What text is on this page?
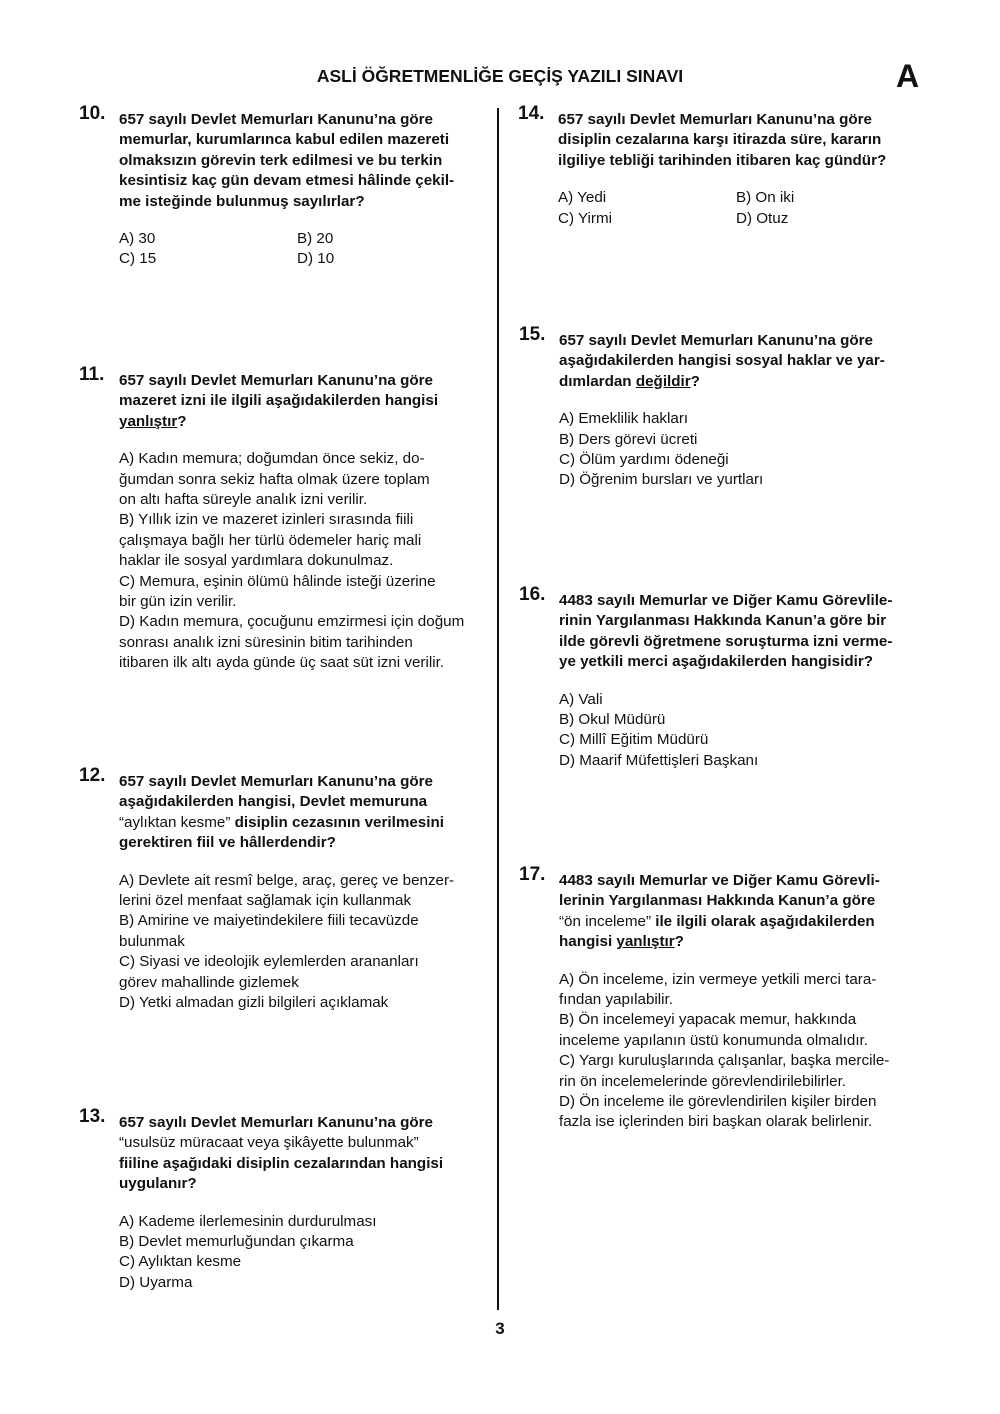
ASLİ ÖĞRETMENLİĞE GEÇİŞ YAZILI SINAVI	A
10. 657 sayılı Devlet Memurları Kanunu’na göre
memurlar, kurumlarınca kabul edilen mazereti
olmaksızın görevin terk edilmesi ve bu terkin
kesintisiz kaç gün devam etmesi hâlinde çekil-
me isteğinde bulunmuş sayılırlar?
A) 30	B) 20
C) 15	D) 10
11. 657 sayılı Devlet Memurları Kanunu’na göre
mazeret izni ile ilgili aşağıdakilerden hangisi
yanlıştır?
A) Kadın memura; doğumdan önce sekiz, do-
ğumdan sonra sekiz hafta olmak üzere toplam
on altı hafta süreyle analık izni verilir.
B) Yıllık izin ve mazeret izinleri sırasında fiili
çalışmaya bağlı her türlü ödemeler hariç mali
haklar ile sosyal yardımlara dokunulmaz.
C) Memura, eşinin ölümü hâlinde isteği üzerine
bir gün izin verilir.
D) Kadın memura, çocuğunu emzirmesi için doğum
sonrası analık izni süresinin bitim tarihinden
itibaren ilk altı ayda günde üç saat süt izni verilir.
12. 657 sayılı Devlet Memurları Kanunu’na göre
aşağıdakilerden hangisi, Devlet memuruna
“aylıktan kesme” disiplin cezasının verilmesini
gerektiren fiil ve hâllerdendir?
A) Devlete ait resmî belge, araç, gereç ve benzer-
lerini özel menfaat sağlamak için kullanmak
B) Amirine ve maiyetindekilere fiili tecavüzde
bulunmak
C) Siyasi ve ideolojik eylemlerden arananları
görev mahallinde gizlemek
D) Yetki almadan gizli bilgileri açıklamak
13. 657 sayılı Devlet Memurları Kanunu’na göre
“usulsüz müracaat veya şikâyette bulunmak”
fiiline aşağıdaki disiplin cezalarından hangisi
uygulanır?
A) Kademe ilerlemesinin durdurulması
B) Devlet memurluğundan çıkarma
C) Aylıktan kesme
D) Uyarma
14. 657 sayılı Devlet Memurları Kanunu’na göre
disiplin cezalarına karşı itirazda süre, kararın
ilgiliye tebliği tarihinden itibaren kaç gündür?
A) Yedi	B) On iki
C) Yirmi	D) Otuz
15. 657 sayılı Devlet Memurları Kanunu’na göre
aşağıdakilerden hangisi sosyal haklar ve yar-
dımlardan değildir?
A) Emeklilik hakları
B) Ders görevi ücreti
C) Ölüm yardımı ödeneği
D) Öğrenim bursları ve yurtları
16. 4483 sayılı Memurlar ve Diğer Kamu Görevlile-
rinin Yargılanması Hakkında Kanun’a göre bir
ilde görevli öğretmene soruşturma izni verme-
ye yetkili merci aşağıdakilerden hangisidir?
A) Vali
B) Okul Müdürü
C) Millî Eğitim Müdürü
D) Maarif Müfettişleri Başkanı
17. 4483 sayılı Memurlar ve Diğer Kamu Görevli-
lerinin Yargılanması Hakkında Kanun’a göre
“ön inceleme” ile ilgili olarak aşağıdakilerden
hangisi yanlıştır?
A) Ön inceleme, izin vermeye yetkili merci tara-
fından yapılabilir.
B) Ön incelemeyi yapacak memur, hakkında
inceleme yapılanın üstü konumunda olmalıdır.
C) Yargı kuruluşlarında çalışanlar, başka mercile-
rin ön incelemelerinde görevlendirilebilirler.
D) Ön inceleme ile görevlendirilen kişiler birden
fazla ise içlerinden biri başkan olarak belirlenir.
3
